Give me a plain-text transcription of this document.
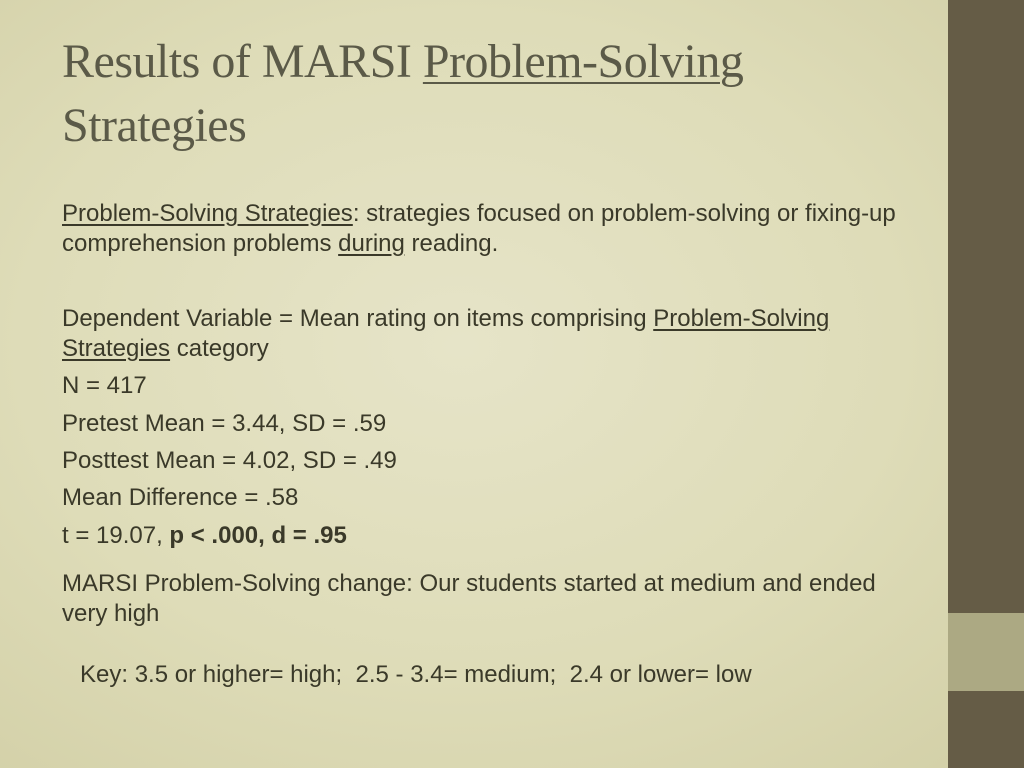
Results of MARSI Problem-Solving
Strategies

Problem-Solving Strategies: strategies focused on problem-solving or fixing-up comprehension problems during reading.

Dependent Variable = Mean rating on items comprising Problem-Solving Strategies category

N = 417

Pretest Mean = 3.44, SD = .59

Posttest Mean = 4.02, SD = .49

Mean Difference = .58

t = 19.07, p < .000, d = .95

MARSI Problem-Solving change: Our students started at medium and ended very high

Key: 3.5 or higher= high;  2.5 - 3.4= medium;  2.4 or lower= low
